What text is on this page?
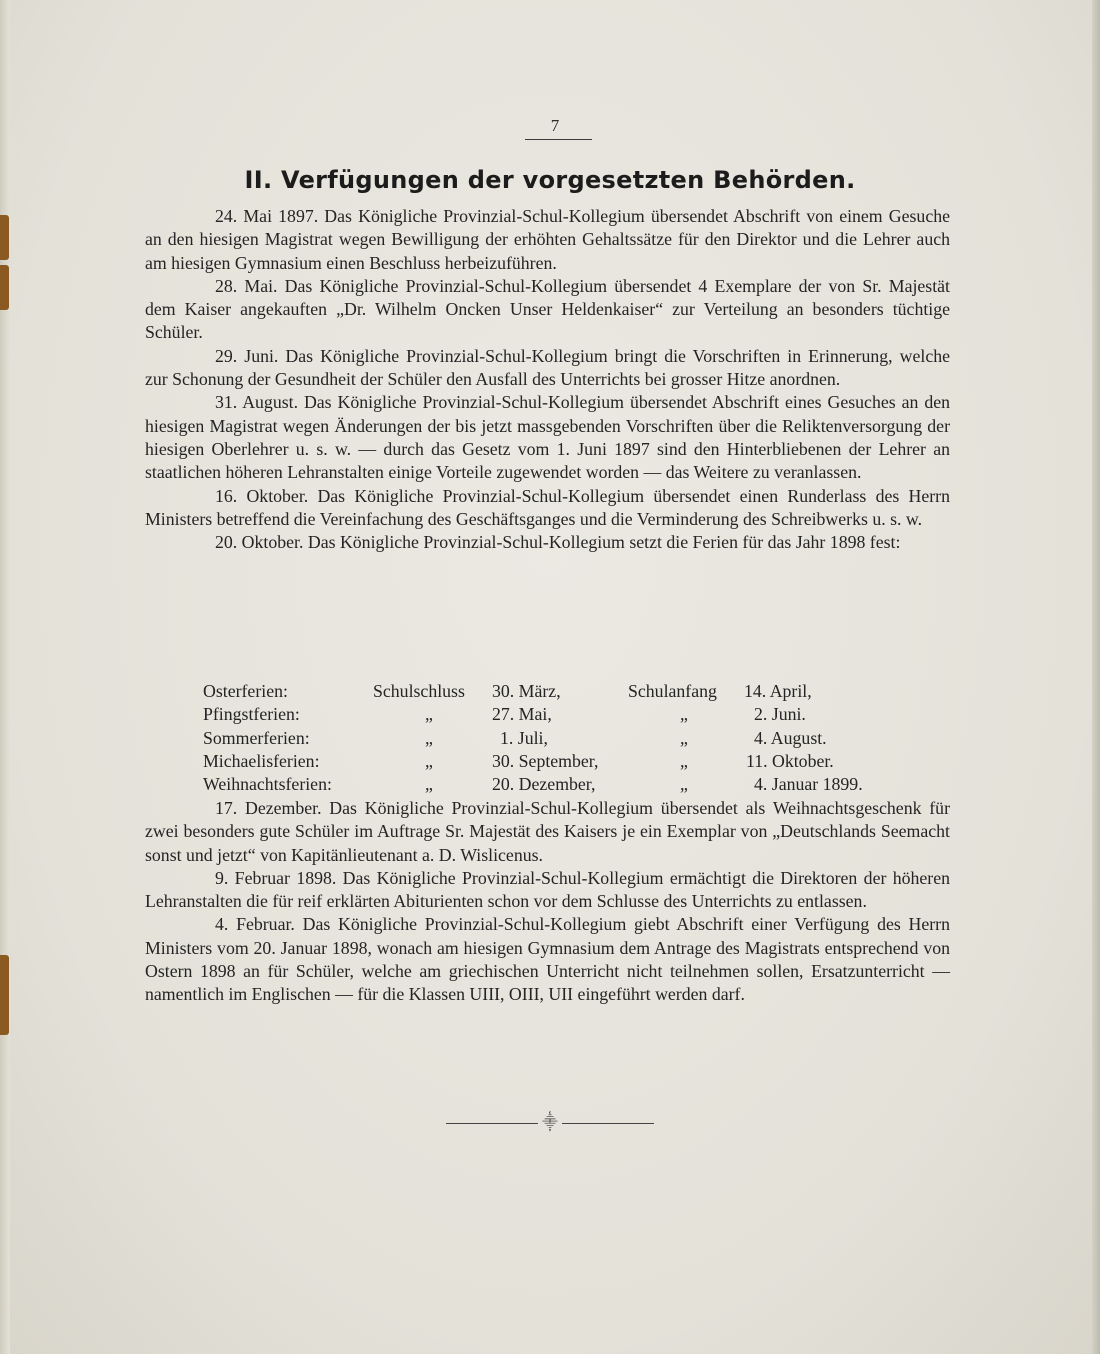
7
II. Verfügungen der vorgesetzten Behörden.

24. Mai 1897. Das Königliche Provinzial-Schul-Kollegium übersendet Abschrift von einem Gesuche an den hiesigen Magistrat wegen Bewilligung der erhöhten Gehaltssätze für den Direktor und die Lehrer auch am hiesigen Gymnasium einen Beschluss herbeizuführen.

28. Mai. Das Königliche Provinzial-Schul-Kollegium übersendet 4 Exemplare der von Sr. Majestät dem Kaiser angekauften „Dr. Wilhelm Oncken Unser Heldenkaiser“ zur Verteilung an besonders tüchtige Schüler.

29. Juni. Das Königliche Provinzial-Schul-Kollegium bringt die Vorschriften in Erinnerung, welche zur Schonung der Gesundheit der Schüler den Ausfall des Unterrichts bei grosser Hitze anordnen.

31. August. Das Königliche Provinzial-Schul-Kollegium übersendet Abschrift eines Gesuches an den hiesigen Magistrat wegen Änderungen der bis jetzt massgebenden Vorschriften über die Reliktenversorgung der hiesigen Oberlehrer u. s. w. — durch das Gesetz vom 1. Juni 1897 sind den Hinterbliebenen der Lehrer an staatlichen höheren Lehranstalten einige Vorteile zugewendet worden — das Weitere zu veranlassen.

16. Oktober. Das Königliche Provinzial-Schul-Kollegium übersendet einen Runderlass des Herrn Ministers betreffend die Vereinfachung des Geschäftsganges und die Verminderung des Schreibwerks u. s. w.

20. Oktober. Das Königliche Provinzial-Schul-Kollegium setzt die Ferien für das Jahr 1898 fest:

Osterferien:	Schulschluss 30. März,	Schulanfang 14. April,
Pfingstferien:	„	27. Mai,	„	2. Juni.
Sommerferien:	„	1. Juli,	„	4. August.
Michaelisferien:	„	30. September,	„	11. Oktober.
Weihnachtsferien:	„	20. Dezember,	„	4. Januar 1899.

17. Dezember. Das Königliche Provinzial-Schul-Kollegium übersendet als Weihnachtsgeschenk für zwei besonders gute Schüler im Auftrage Sr. Majestät des Kaisers je ein Exemplar von „Deutschlands Seemacht sonst und jetzt“ von Kapitänlieutenant a. D. Wislicenus.

9. Februar 1898. Das Königliche Provinzial-Schul-Kollegium ermächtigt die Direktoren der höheren Lehranstalten die für reif erklärten Abiturienten schon vor dem Schlusse des Unterrichts zu entlassen.

4. Februar. Das Königliche Provinzial-Schul-Kollegium giebt Abschrift einer Verfügung des Herrn Ministers vom 20. Januar 1898, wonach am hiesigen Gymnasium dem Antrage des Magistrats entsprechend von Ostern 1898 an für Schüler, welche am griechischen Unterricht nicht teilnehmen sollen, Ersatzunterricht — namentlich im Englischen — für die Klassen UIII, OIII, UII eingeführt werden darf.

⸎
